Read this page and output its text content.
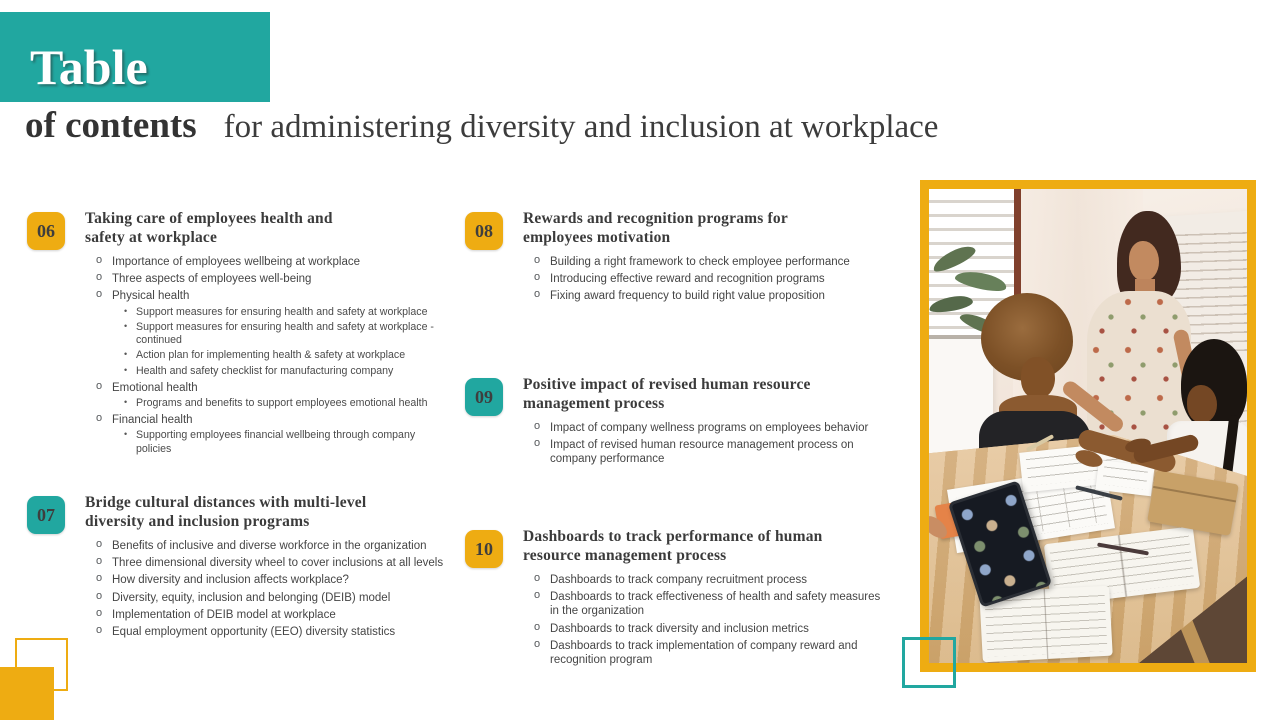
Table
of contents for administering diversity and inclusion at workplace
06
Taking care of employees health and safety at workplace
o Importance of employees wellbeing at workplace
o Three aspects of employees well-being
o Physical health
• Support measures for ensuring health and safety at workplace
• Support measures for ensuring health and safety at workplace - continued
• Action plan for implementing health & safety at workplace
• Health and safety checklist for manufacturing company
o Emotional health
• Programs and benefits to support employees emotional health
o Financial health
• Supporting employees financial wellbeing through company policies
07
Bridge cultural distances with multi-level diversity and inclusion programs
o Benefits of inclusive and diverse workforce in the organization
o Three dimensional diversity wheel to cover inclusions at all levels
o How diversity and inclusion affects workplace?
o Diversity, equity, inclusion and belonging (DEIB) model
o Implementation of DEIB model at workplace
o Equal employment opportunity (EEO) diversity statistics
08
Rewards and recognition programs for employees motivation
o Building a right framework to check employee performance
o Introducing effective reward and recognition programs
o Fixing award frequency to build right value proposition
09
Positive impact of revised human resource management process
o Impact of company wellness programs on employees behavior
o Impact of revised human resource management process on company performance
10
Dashboards to track performance of human resource management process
o Dashboards to track company recruitment process
o Dashboards to track effectiveness of health and safety measures in the organization
o Dashboards to track diversity and inclusion metrics
o Dashboards to track implementation of company reward and recognition program
